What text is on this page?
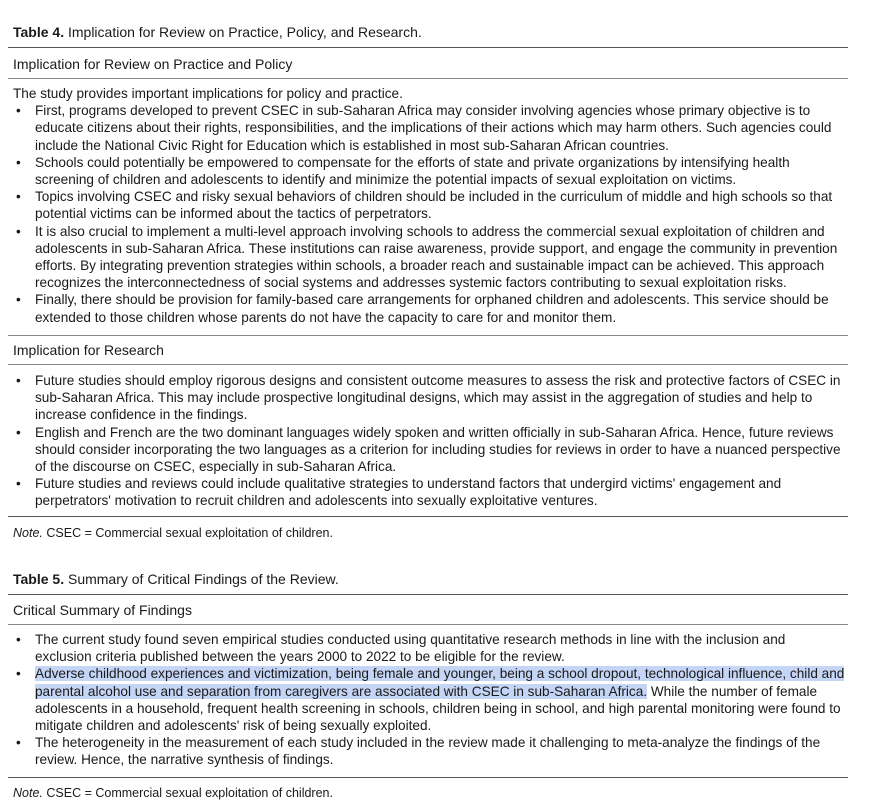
Table 4. Implication for Review on Practice, Policy, and Research.
Implication for Review on Practice and Policy

The study provides important implications for policy and practice.

• First, programs developed to prevent CSEC in sub-Saharan Africa may consider involving agencies whose primary objective is to educate citizens about their rights, responsibilities, and the implications of their actions which may harm others. Such agencies could include the National Civic Right for Education which is established in most sub-Saharan African countries.
• Schools could potentially be empowered to compensate for the efforts of state and private organizations by intensifying health screening of children and adolescents to identify and minimize the potential impacts of sexual exploitation on victims.
• Topics involving CSEC and risky sexual behaviors of children should be included in the curriculum of middle and high schools so that potential victims can be informed about the tactics of perpetrators.
• It is also crucial to implement a multi-level approach involving schools to address the commercial sexual exploitation of children and adolescents in sub-Saharan Africa. These institutions can raise awareness, provide support, and engage the community in prevention efforts. By integrating prevention strategies within schools, a broader reach and sustainable impact can be achieved. This approach recognizes the interconnectedness of social systems and addresses systemic factors contributing to sexual exploitation risks.
• Finally, there should be provision for family-based care arrangements for orphaned children and adolescents. This service should be extended to those children whose parents do not have the capacity to care for and monitor them.
Implication for Research
• Future studies should employ rigorous designs and consistent outcome measures to assess the risk and protective factors of CSEC in sub-Saharan Africa. This may include prospective longitudinal designs, which may assist in the aggregation of studies and help to increase confidence in the findings.
• English and French are the two dominant languages widely spoken and written officially in sub-Saharan Africa. Hence, future reviews should consider incorporating the two languages as a criterion for including studies for reviews in order to have a nuanced perspective of the discourse on CSEC, especially in sub-Saharan Africa.
• Future studies and reviews could include qualitative strategies to understand factors that undergird victims' engagement and perpetrators' motivation to recruit children and adolescents into sexually exploitative ventures.
Note. CSEC = Commercial sexual exploitation of children.
Table 5. Summary of Critical Findings of the Review.
Critical Summary of Findings
• The current study found seven empirical studies conducted using quantitative research methods in line with the inclusion and exclusion criteria published between the years 2000 to 2022 to be eligible for the review.
• Adverse childhood experiences and victimization, being female and younger, being a school dropout, technological influence, child and parental alcohol use and separation from caregivers are associated with CSEC in sub-Saharan Africa. While the number of female adolescents in a household, frequent health screening in schools, children being in school, and high parental monitoring were found to mitigate children and adolescents' risk of being sexually exploited.
• The heterogeneity in the measurement of each study included in the review made it challenging to meta-analyze the findings of the review. Hence, the narrative synthesis of findings.
Note. CSEC = Commercial sexual exploitation of children.
